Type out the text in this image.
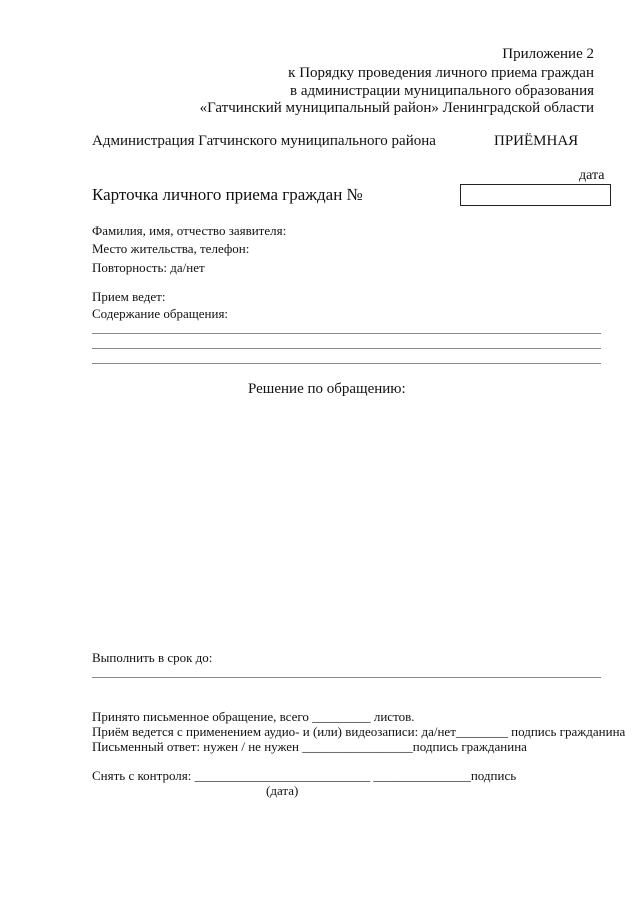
Приложение 2
к Порядку проведения личного приема граждан
в администрации муниципального образования
«Гатчинский муниципальный район» Ленинградской области
Администрация Гатчинского муниципального района	ПРИЁМНАЯ
дата
Карточка личного приема граждан №
Фамилия, имя, отчество заявителя:
Место жительства, телефон:
Повторность: да/нет
Прием ведет:
Содержание обращения:
Решение по обращению:
Выполнить в срок до:
Принято письменное обращение, всего _________ листов.
Приём ведется с применением аудио- и (или) видеозаписи: да/нет________ подпись гражданина
Письменный ответ: нужен / не нужен _________________подпись гражданина
Снять с контроля: ___________________________ _______________подпись
(дата)
